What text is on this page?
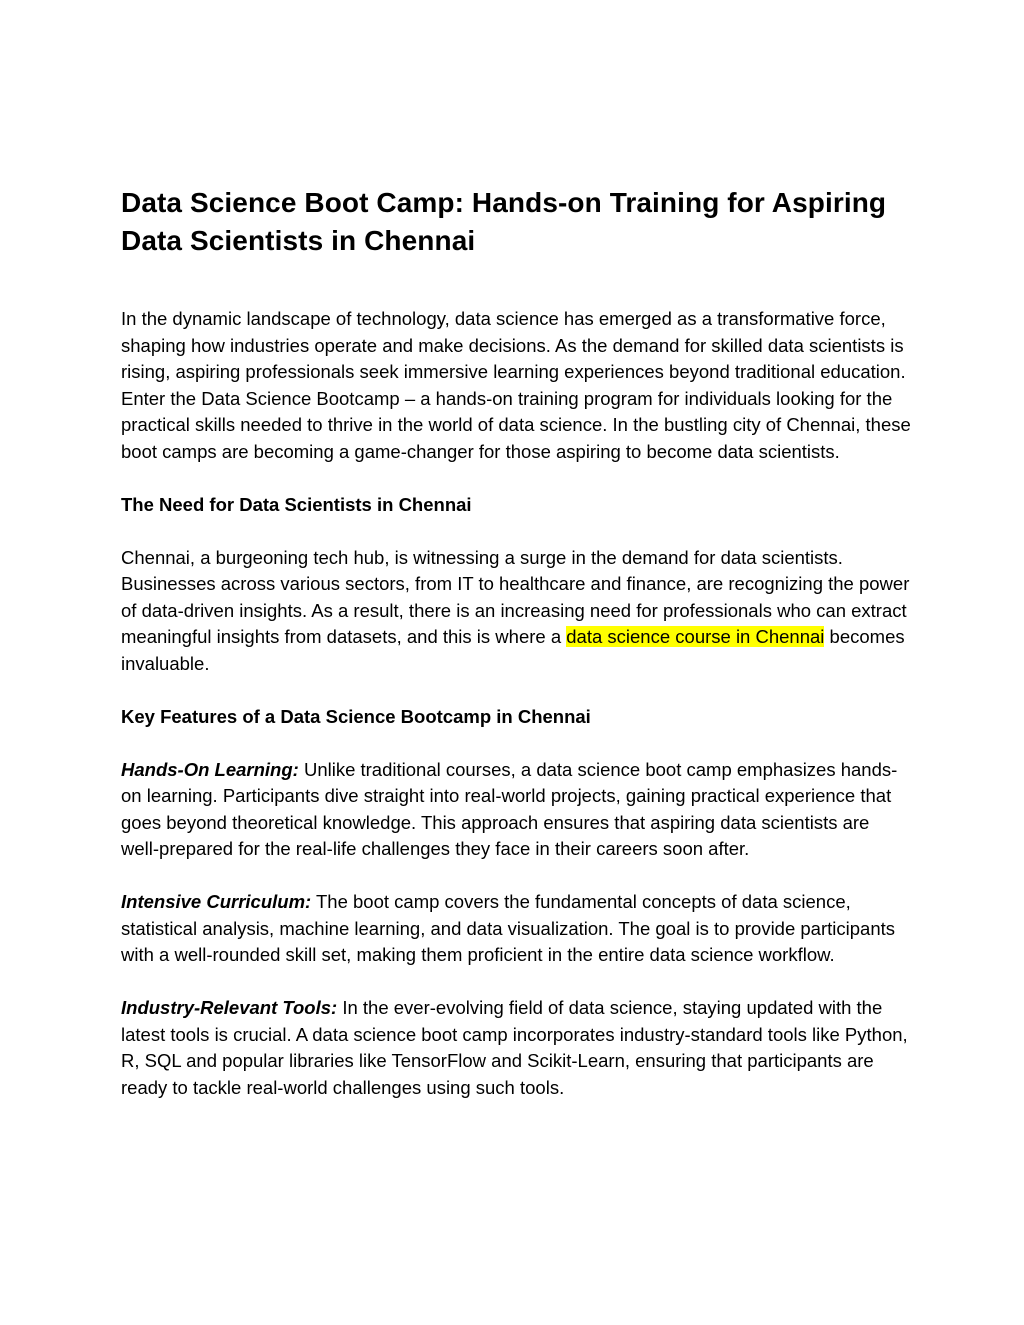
Data Science Boot Camp: Hands-on Training for Aspiring Data Scientists in Chennai

In the dynamic landscape of technology, data science has emerged as a transformative force, shaping how industries operate and make decisions. As the demand for skilled data scientists is rising, aspiring professionals seek immersive learning experiences beyond traditional education. Enter the Data Science Bootcamp – a hands-on training program for individuals looking for the practical skills needed to thrive in the world of data science. In the bustling city of Chennai, these boot camps are becoming a game-changer for those aspiring to become data scientists.

The Need for Data Scientists in Chennai

Chennai, a burgeoning tech hub, is witnessing a surge in the demand for data scientists. Businesses across various sectors, from IT to healthcare and finance, are recognizing the power of data-driven insights. As a result, there is an increasing need for professionals who can extract meaningful insights from datasets, and this is where a data science course in Chennai becomes invaluable.

Key Features of a Data Science Bootcamp in Chennai

Hands-On Learning: Unlike traditional courses, a data science boot camp emphasizes hands-on learning. Participants dive straight into real-world projects, gaining practical experience that goes beyond theoretical knowledge. This approach ensures that aspiring data scientists are well-prepared for the real-life challenges they face in their careers soon after.

Intensive Curriculum: The boot camp covers the fundamental concepts of data science, statistical analysis, machine learning, and data visualization. The goal is to provide participants with a well-rounded skill set, making them proficient in the entire data science workflow.

Industry-Relevant Tools: In the ever-evolving field of data science, staying updated with the latest tools is crucial. A data science boot camp incorporates industry-standard tools like Python, R, SQL and popular libraries like TensorFlow and Scikit-Learn, ensuring that participants are ready to tackle real-world challenges using such tools.
